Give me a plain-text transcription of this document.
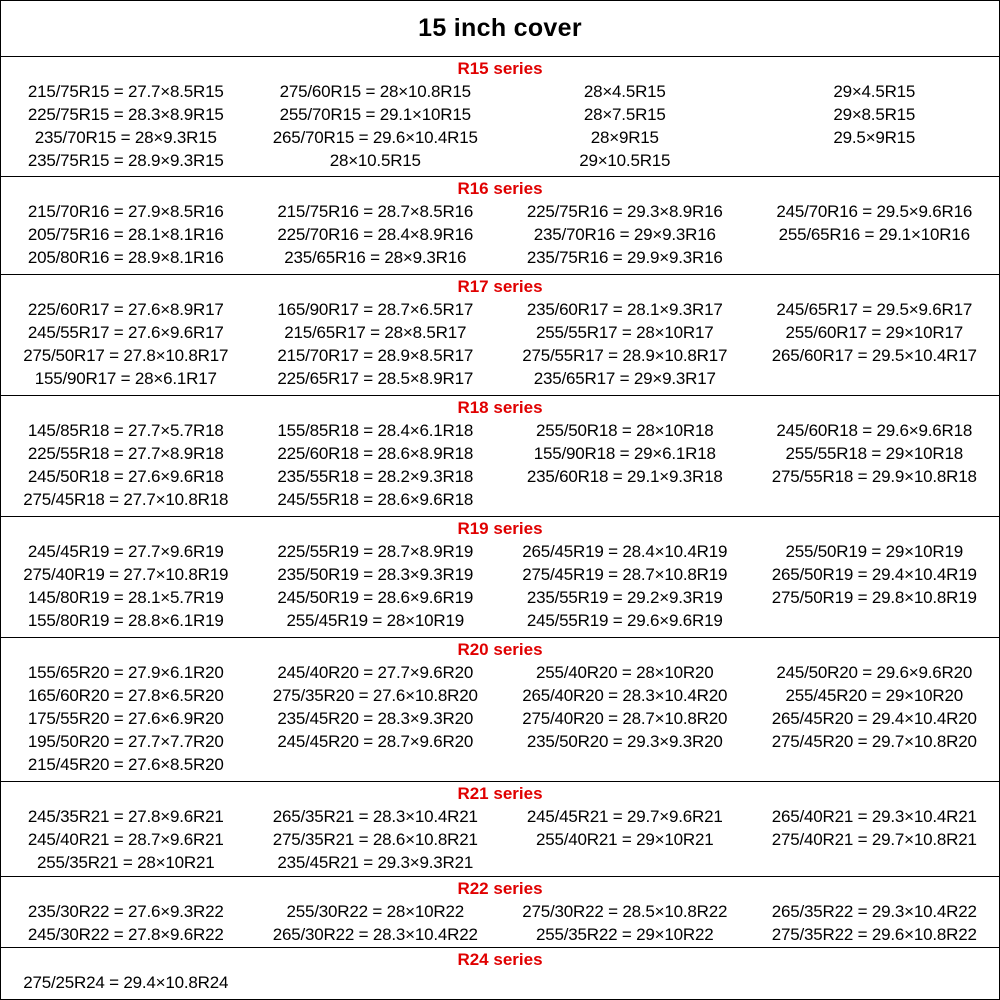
15 inch cover
R15 series
215/75R15 = 27.7×8.5R15	275/60R15 = 28×10.8R15	28×4.5R15	29×4.5R15
225/75R15 = 28.3×8.9R15	255/70R15 = 29.1×10R15	28×7.5R15	29×8.5R15
235/70R15 = 28×9.3R15	265/70R15 = 29.6×10.4R15	28×9R15	29.5×9R15
235/75R15 = 28.9×9.3R15	28×10.5R15	29×10.5R15
R16 series
215/70R16 = 27.9×8.5R16	215/75R16 = 28.7×8.5R16	225/75R16 = 29.3×8.9R16	245/70R16 = 29.5×9.6R16
205/75R16 = 28.1×8.1R16	225/70R16 = 28.4×8.9R16	235/70R16 = 29×9.3R16	255/65R16 = 29.1×10R16
205/80R16 = 28.9×8.1R16	235/65R16 = 28×9.3R16	235/75R16 = 29.9×9.3R16
R17 series
225/60R17 = 27.6×8.9R17	165/90R17 = 28.7×6.5R17	235/60R17 = 28.1×9.3R17	245/65R17 = 29.5×9.6R17
245/55R17 = 27.6×9.6R17	215/65R17 = 28×8.5R17	255/55R17 = 28×10R17	255/60R17 = 29×10R17
275/50R17 = 27.8×10.8R17	215/70R17 = 28.9×8.5R17	275/55R17 = 28.9×10.8R17	265/60R17 = 29.5×10.4R17
155/90R17 = 28×6.1R17	225/65R17 = 28.5×8.9R17	235/65R17 = 29×9.3R17
R18 series
145/85R18 = 27.7×5.7R18	155/85R18 = 28.4×6.1R18	255/50R18 = 28×10R18	245/60R18 = 29.6×9.6R18
225/55R18 = 27.7×8.9R18	225/60R18 = 28.6×8.9R18	155/90R18 = 29×6.1R18	255/55R18 = 29×10R18
245/50R18 = 27.6×9.6R18	235/55R18 = 28.2×9.3R18	235/60R18 = 29.1×9.3R18	275/55R18 = 29.9×10.8R18
275/45R18 = 27.7×10.8R18	245/55R18 = 28.6×9.6R18
R19 series
245/45R19 = 27.7×9.6R19	225/55R19 = 28.7×8.9R19	265/45R19 = 28.4×10.4R19	255/50R19 = 29×10R19
275/40R19 = 27.7×10.8R19	235/50R19 = 28.3×9.3R19	275/45R19 = 28.7×10.8R19	265/50R19 = 29.4×10.4R19
145/80R19 = 28.1×5.7R19	245/50R19 = 28.6×9.6R19	235/55R19 = 29.2×9.3R19	275/50R19 = 29.8×10.8R19
155/80R19 = 28.8×6.1R19	255/45R19 = 28×10R19	245/55R19 = 29.6×9.6R19
R20 series
155/65R20 = 27.9×6.1R20	245/40R20 = 27.7×9.6R20	255/40R20 = 28×10R20	245/50R20 = 29.6×9.6R20
165/60R20 = 27.8×6.5R20	275/35R20 = 27.6×10.8R20	265/40R20 = 28.3×10.4R20	255/45R20 = 29×10R20
175/55R20 = 27.6×6.9R20	235/45R20 = 28.3×9.3R20	275/40R20 = 28.7×10.8R20	265/45R20 = 29.4×10.4R20
195/50R20 = 27.7×7.7R20	245/45R20 = 28.7×9.6R20	235/50R20 = 29.3×9.3R20	275/45R20 = 29.7×10.8R20
215/45R20 = 27.6×8.5R20
R21 series
245/35R21 = 27.8×9.6R21	265/35R21 = 28.3×10.4R21	245/45R21 = 29.7×9.6R21	265/40R21 = 29.3×10.4R21
245/40R21 = 28.7×9.6R21	275/35R21 = 28.6×10.8R21	255/40R21 = 29×10R21	275/40R21 = 29.7×10.8R21
255/35R21 = 28×10R21	235/45R21 = 29.3×9.3R21
R22 series
235/30R22 = 27.6×9.3R22	255/30R22 = 28×10R22	275/30R22 = 28.5×10.8R22	265/35R22 = 29.3×10.4R22
245/30R22 = 27.8×9.6R22	265/30R22 = 28.3×10.4R22	255/35R22 = 29×10R22	275/35R22 = 29.6×10.8R22
R24 series
275/25R24 = 29.4×10.8R24
